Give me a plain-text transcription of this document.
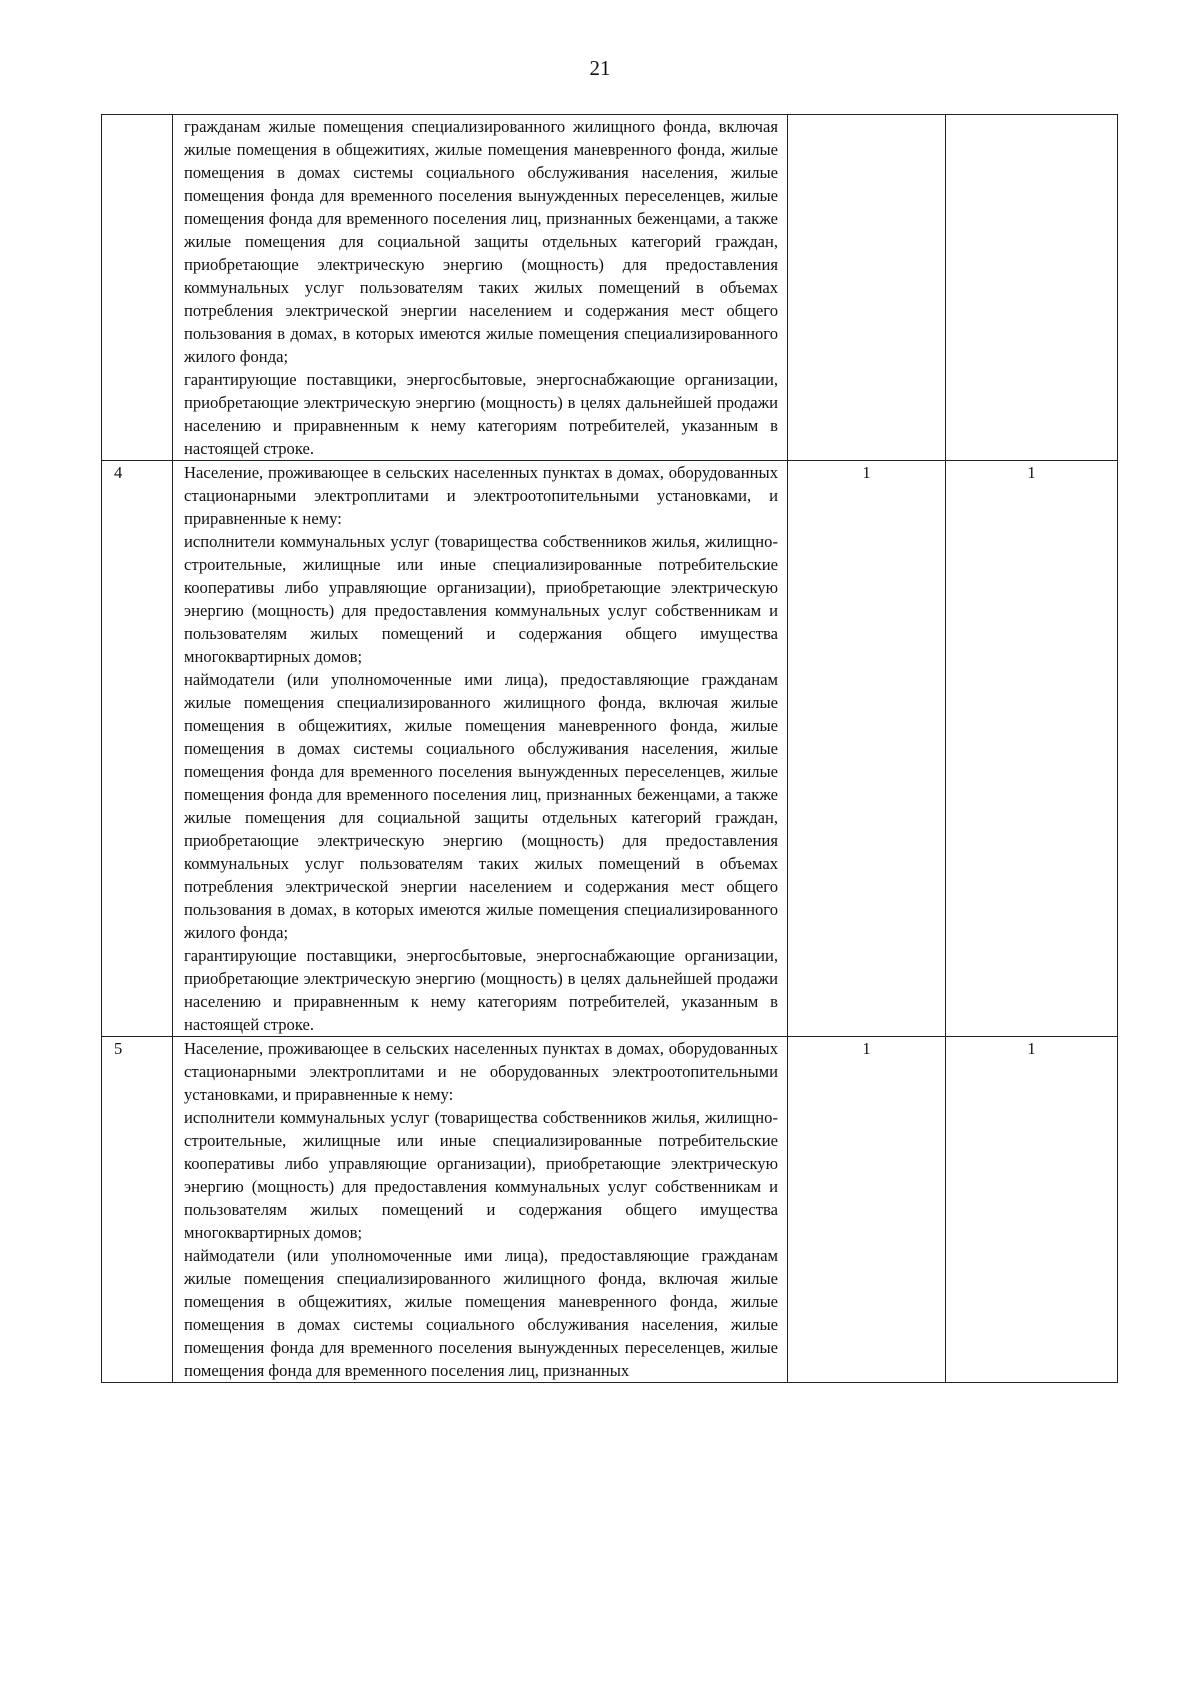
21

	гражданам жилые помещения специализированного жилищного фонда, включая жилые помещения в общежитиях, жилые помещения маневренного фонда, жилые помещения в домах системы социального обслуживания населения, жилые помещения фонда для временного поселения вынужденных переселенцев, жилые помещения фонда для временного поселения лиц, признанных беженцами, а также жилые помещения для социальной защиты отдельных категорий граждан, приобретающие электрическую энергию (мощность) для предоставления коммунальных услуг пользователям таких жилых помещений в объемах потребления электрической энергии населением и содержания мест общего пользования в домах, в которых имеются жилые помещения специализированного жилого фонда;
гарантирующие поставщики, энергосбытовые, энергоснабжающие организации, приобретающие электрическую энергию (мощность) в целях дальнейшей продажи населению и приравненным к нему категориям потребителей, указанным в настоящей строке.		

4	Население, проживающее в сельских населенных пунктах в домах, оборудованных стационарными электроплитами и электроотопительными установками, и приравненные к нему:
исполнители коммунальных услуг (товарищества собственников жилья, жилищно-строительные, жилищные или иные специализированные потребительские кооперативы либо управляющие организации), приобретающие электрическую энергию (мощность) для предоставления коммунальных услуг собственникам и пользователям жилых помещений и содержания общего имущества многоквартирных домов;
наймодатели (или уполномоченные ими лица), предоставляющие гражданам жилые помещения специализированного жилищного фонда, включая жилые помещения в общежитиях, жилые помещения маневренного фонда, жилые помещения в домах системы социального обслуживания населения, жилые помещения фонда для временного поселения вынужденных переселенцев, жилые помещения фонда для временного поселения лиц, признанных беженцами, а также жилые помещения для социальной защиты отдельных категорий граждан, приобретающие электрическую энергию (мощность) для предоставления коммунальных услуг пользователям таких жилых помещений в объемах потребления электрической энергии населением и содержания мест общего пользования в домах, в которых имеются жилые помещения специализированного жилого фонда;
гарантирующие поставщики, энергосбытовые, энергоснабжающие организации, приобретающие электрическую энергию (мощность) в целях дальнейшей продажи населению и приравненным к нему категориям потребителей, указанным в настоящей строке.	1	1
5	Население, проживающее в сельских населенных пунктах в домах, оборудованных стационарными электроплитами и не оборудованных электроотопительными установками, и приравненные к нему:
исполнители коммунальных услуг (товарищества собственников жилья, жилищно-строительные, жилищные или иные специализированные потребительские кооперативы либо управляющие организации), приобретающие электрическую энергию (мощность) для предоставления коммунальных услуг собственникам и пользователям жилых помещений и содержания общего имущества многоквартирных домов;
наймодатели (или уполномоченные ими лица), предоставляющие гражданам жилые помещения специализированного жилищного фонда, включая жилые помещения в общежитиях, жилые помещения маневренного фонда, жилые помещения в домах системы социального обслуживания населения, жилые помещения фонда для временного поселения вынужденных переселенцев, жилые помещения фонда для временного поселения лиц, признанных	1	1
